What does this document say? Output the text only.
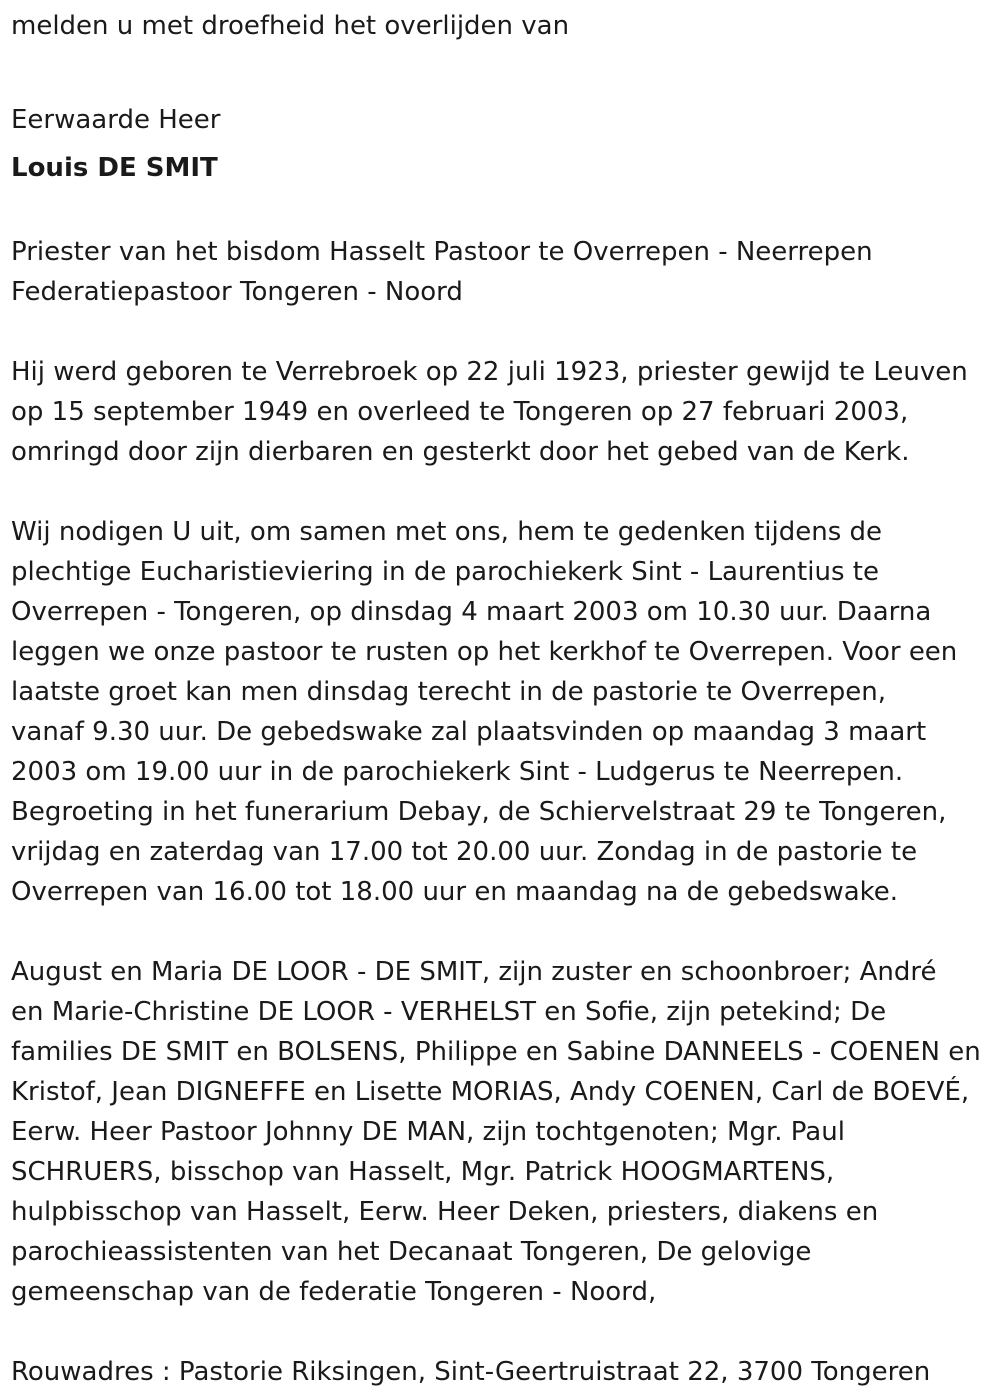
melden u met droefheid het overlijden van
Eerwaarde Heer
Louis DE SMIT
Priester van het bisdom Hasselt Pastoor te Overrepen - Neerrepen
Federatiepastoor Tongeren - Noord
Hij werd geboren te Verrebroek op 22 juli 1923, priester gewijd te Leuven
op 15 september 1949 en overleed te Tongeren op 27 februari 2003,
omringd door zijn dierbaren en gesterkt door het gebed van de Kerk.
Wij nodigen U uit, om samen met ons, hem te gedenken tijdens de
plechtige Eucharistieviering in de parochiekerk Sint - Laurentius te
Overrepen - Tongeren, op dinsdag 4 maart 2003 om 10.30 uur. Daarna
leggen we onze pastoor te rusten op het kerkhof te Overrepen. Voor een
laatste groet kan men dinsdag terecht in de pastorie te Overrepen,
vanaf 9.30 uur. De gebedswake zal plaatsvinden op maandag 3 maart
2003 om 19.00 uur in de parochiekerk Sint - Ludgerus te Neerrepen.
Begroeting in het funerarium Debay, de Schiervelstraat 29 te Tongeren,
vrijdag en zaterdag van 17.00 tot 20.00 uur. Zondag in de pastorie te
Overrepen van 16.00 tot 18.00 uur en maandag na de gebedswake.
August en Maria DE LOOR - DE SMIT, zijn zuster en schoonbroer; André
en Marie-Christine DE LOOR - VERHELST en Sofie, zijn petekind; De
families DE SMIT en BOLSENS, Philippe en Sabine DANNEELS - COENEN en
Kristof, Jean DIGNEFFE en Lisette MORIAS, Andy COENEN, Carl de BOEVÉ,
Eerw. Heer Pastoor Johnny DE MAN, zijn tochtgenoten; Mgr. Paul
SCHRUERS, bisschop van Hasselt, Mgr. Patrick HOOGMARTENS,
hulpbisschop van Hasselt, Eerw. Heer Deken, priesters, diakens en
parochieassistenten van het Decanaat Tongeren, De gelovige
gemeenschap van de federatie Tongeren - Noord,
Rouwadres : Pastorie Riksingen, Sint-Geertruistraat 22, 3700 Tongeren
